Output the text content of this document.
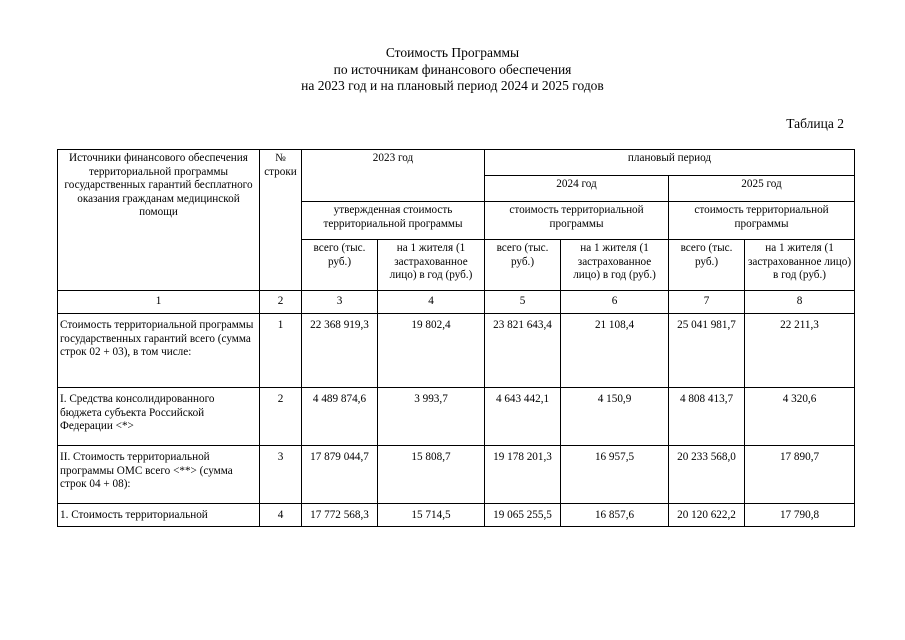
Стоимость Программы
по источникам финансового обеспечения
на 2023 год и на плановый период 2024 и 2025 годов
Таблица 2
Источники финансового обеспечения территориальной программы государственных гарантий бесплатного оказания гражданам медицинской помощи	№ строки	2023 год		плановый период			
				2024 год		2025 год	
		утвержденная стоимость территориальной программы		стоимость территориальной программы		стоимость территориальной программы	
		всего (тыс. руб.)	на 1 жителя (1 застрахованное лицо) в год (руб.)	всего (тыс. руб.)	на 1 жителя (1 застрахованное лицо) в год (руб.)	всего (тыс. руб.)	на 1 жителя (1 застрахованное лицо) в год (руб.)
1	2	3	4	5	6	7	8
Стоимость территориальной программы государственных гарантий всего (сумма строк 02 + 03), в том числе:	1	22 368 919,3	19 802,4	23 821 643,4	21 108,4	25 041 981,7	22 211,3
I. Средства консолидированного бюджета субъекта Российской Федерации <*>	2	4 489 874,6	3 993,7	4 643 442,1	4 150,9	4 808 413,7	4 320,6
II. Стоимость территориальной программы ОМС всего <**> (сумма строк 04 + 08):	3	17 879 044,7	15 808,7	19 178 201,3	16 957,5	20 233 568,0	17 890,7
1. Стоимость территориальной	4	17 772 568,3	15 714,5	19 065 255,5	16 857,6	20 120 622,2	17 790,8
